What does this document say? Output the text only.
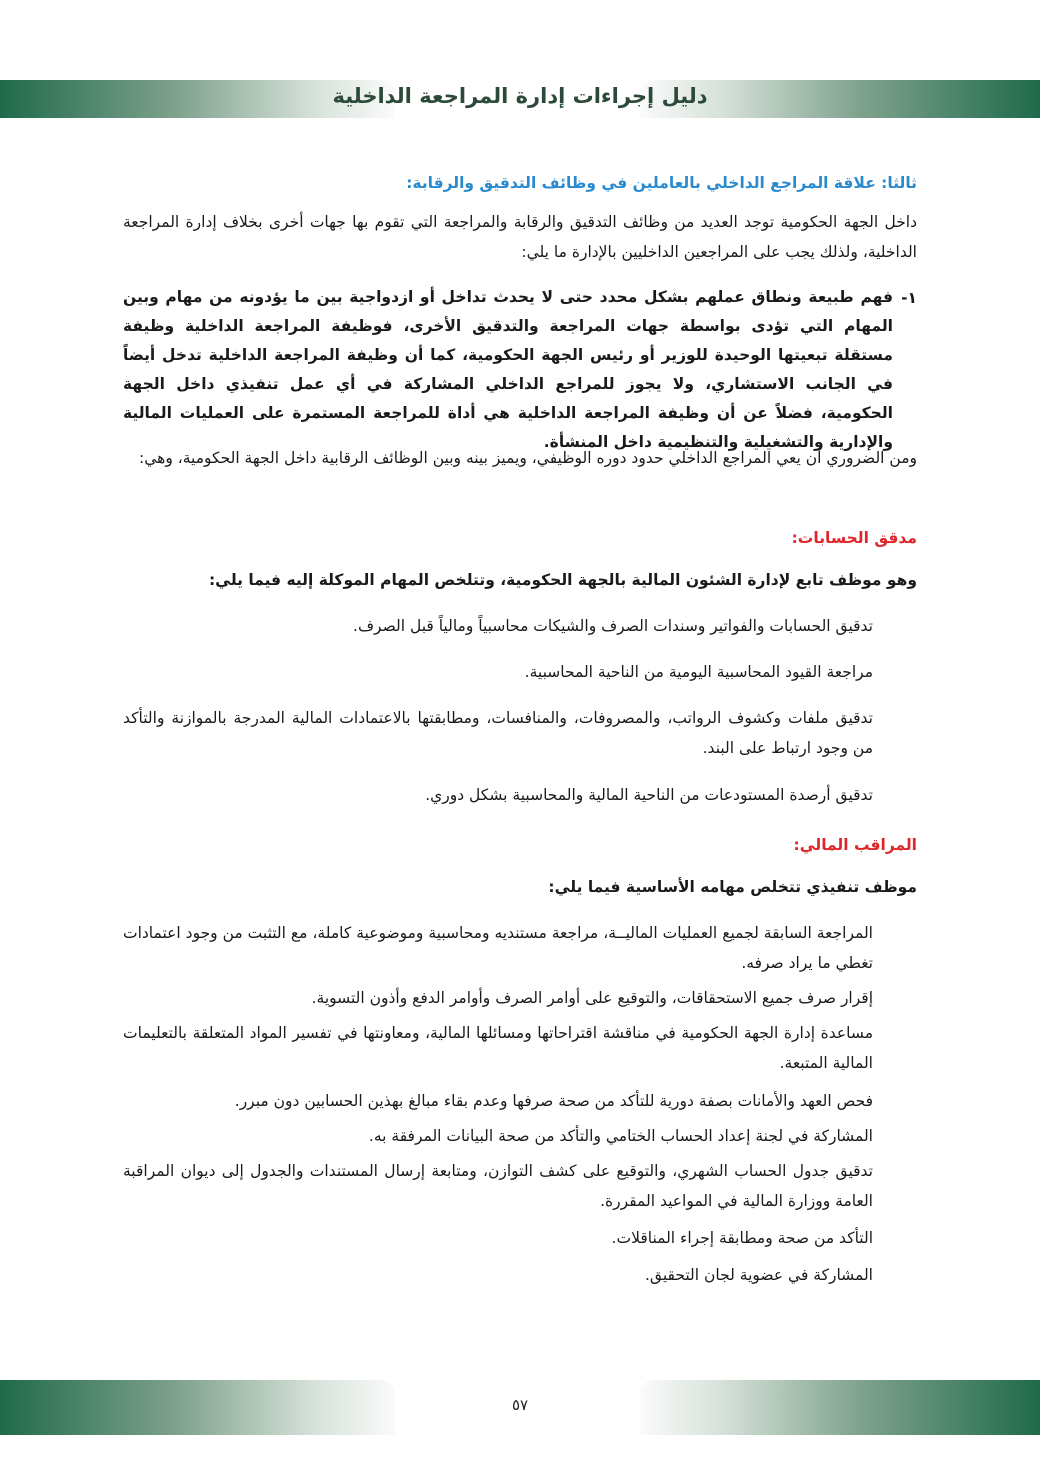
دليل إجراءات إدارة المراجعة الداخلية
ثالثا: علاقة المراجع الداخلي بالعاملين في وظائف التدقيق والرقابة:
داخل الجهة الحكومية توجد العديد من وظائف التدقيق والرقابة والمراجعة التي تقوم بها جهات أخرى بخلاف إدارة المراجعة الداخلية، ولذلك يجب على المراجعين الداخليين بالإدارة ما يلي:
١-
فهم طبيعة ونطاق عملهم بشكل محدد حتى لا يحدث تداخل أو ازدواجية بين ما يؤدونه من مهام وبين المهام التي تؤدى بواسطة جهات المراجعة والتدقيق الأخرى، فوظيفة المراجعة الداخلية وظيفة مستقلة تبعيتها الوحيدة للوزير أو رئيس الجهة الحكومية، كما أن وظيفة المراجعة الداخلية تدخل أيضاً في الجانب الاستشاري، ولا يجوز للمراجع الداخلي المشاركة في أي عمل تنفيذي داخل الجهة الحكومية، فضلاً عن أن وظيفة المراجعة الداخلية هي أداة للمراجعة المستمرة على العمليات المالية والإدارية والتشغيلية والتنظيمية داخل المنشأة.
ومن الضروري أن يعي المراجع الداخلي حدود دوره الوظيفي، ويميز بينه وبين الوظائف الرقابية داخل الجهة الحكومية، وهي:
مدقق الحسابات:
وهو موظف تابع لإدارة الشئون المالية بالجهة الحكومية، وتتلخص المهام الموكلة إليه فيما يلي:
تدقيق الحسابات والفواتير وسندات الصرف والشيكات محاسبياً ومالياً قبل الصرف.
مراجعة القيود المحاسبية اليومية من الناحية المحاسبية.
تدقيق ملفات وكشوف الرواتب، والمصروفات، والمنافسات، ومطابقتها بالاعتمادات المالية المدرجة بالموازنة والتأكد من وجود ارتباط على البند.
تدقيق أرصدة المستودعات من الناحية المالية والمحاسبية بشكل دوري.
المراقب المالي:
موظف تنفيذي تتخلص مهامه الأساسية فيما يلي:
المراجعة السابقة لجميع العمليات الماليــة، مراجعة مستنديه ومحاسبية وموضوعية كاملة، مع التثبت من وجود اعتمادات تغطي ما يراد صرفه.
إقرار صرف جميع الاستحقاقات، والتوقيع على أوامر الصرف وأوامر الدفع وأذون التسوية.
مساعدة إدارة الجهة الحكومية في مناقشة اقتراحاتها ومسائلها المالية، ومعاونتها في تفسير المواد المتعلقة بالتعليمات المالية المتبعة.
فحص العهد والأمانات بصفة دورية للتأكد من صحة صرفها وعدم بقاء مبالغ بهذين الحسابين دون مبرر.
المشاركة في لجنة إعداد الحساب الختامي والتأكد من صحة البيانات المرفقة به.
تدقيق جدول الحساب الشهري، والتوقيع على كشف التوازن، ومتابعة إرسال المستندات والجدول إلى ديوان المراقبة العامة ووزارة المالية في المواعيد المقررة.
التأكد من صحة ومطابقة إجراء المناقلات.
المشاركة في عضوية لجان التحقيق.
٥٧
